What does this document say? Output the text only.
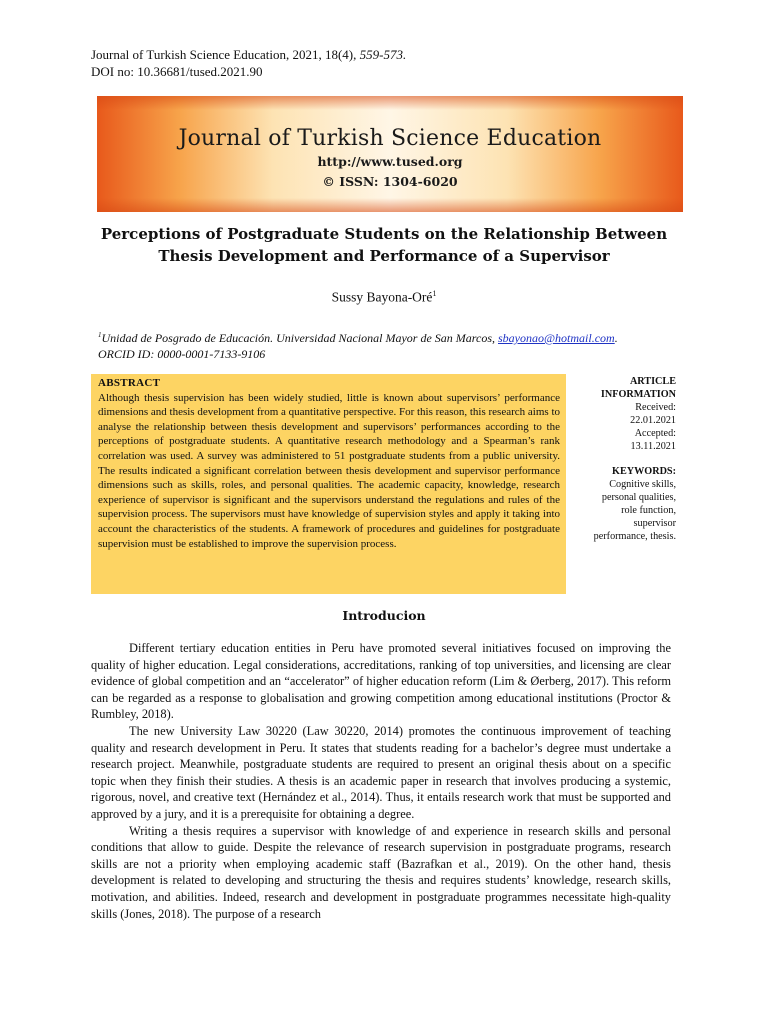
Journal of Turkish Science Education, 2021, 18(4), 559-573.
DOI no: 10.36681/tused.2021.90
Journal of Turkish Science Education
http://www.tused.org
© ISSN: 1304-6020
Perceptions of Postgraduate Students on the Relationship Between
Thesis Development and Performance of a Supervisor
Sussy Bayona-Oré$^1$
$^1$Unidad de Posgrado de Educación. Universidad Nacional Mayor de San Marcos, sbayonao@hotmail.com.
ORCID ID: 0000-0001-7133-9106
ABSTRACT
Although thesis supervision has been widely studied, little is known about supervisors’ performance dimensions and thesis development from a quantitative perspective. For this reason, this research aims to analyse the relationship between thesis development and supervisors’ performances according to the perceptions of postgraduate students. A quantitative research methodology and a Spearman’s rank correlation was used. A survey was administered to 51 postgraduate students from a public university. The results indicated a significant correlation between thesis development and supervisor performance dimensions such as skills, roles, and personal qualities. The academic capacity, knowledge, research experience of supervisor is significant and the supervisors understand the regulations and rules of the supervision process. The supervisors must have knowledge of supervision styles and apply it taking into account the characteristics of the students. A framework of procedures and guidelines for postgraduate supervision must be established to improve the supervision process.
ARTICLE
INFORMATION
Received:
22.01.2021
Accepted:
13.11.2021
KEYWORDS:
Cognitive skills,
personal qualities,
role function,
supervisor
performance, thesis.
Introducion

Different tertiary education entities in Peru have promoted several initiatives focused on improving the quality of higher education. Legal considerations, accreditations, ranking of top universities, and licensing are clear evidence of global competition and an “accelerator” of higher education reform (Lim & Øerberg, 2017). This reform can be regarded as a response to globalisation and growing competition among educational institutions (Proctor & Rumbley, 2018).

The new University Law 30220 (Law 30220, 2014) promotes the continuous improvement of teaching quality and research development in Peru. It states that students reading for a bachelor’s degree must undertake a research project. Meanwhile, postgraduate students are required to present an original thesis about on a specific topic when they finish their studies. A thesis is an academic paper in research that involves producing a systemic, rigorous, novel, and creative text (Hernández et al., 2014). Thus, it entails research work that must be supported and approved by a jury, and it is a prerequisite for obtaining a degree.

Writing a thesis requires a supervisor with knowledge of and experience in research skills and personal conditions that allow to guide. Despite the relevance of research supervision in postgraduate programs, research skills are not a priority when employing academic staff (Bazrafkan et al., 2019). On the other hand, thesis development is related to developing and structuring the thesis and requires students’ knowledge, research skills, motivation, and abilities. Indeed, research and development in postgraduate programmes necessitate high-quality skills (Jones, 2018). The purpose of a research
